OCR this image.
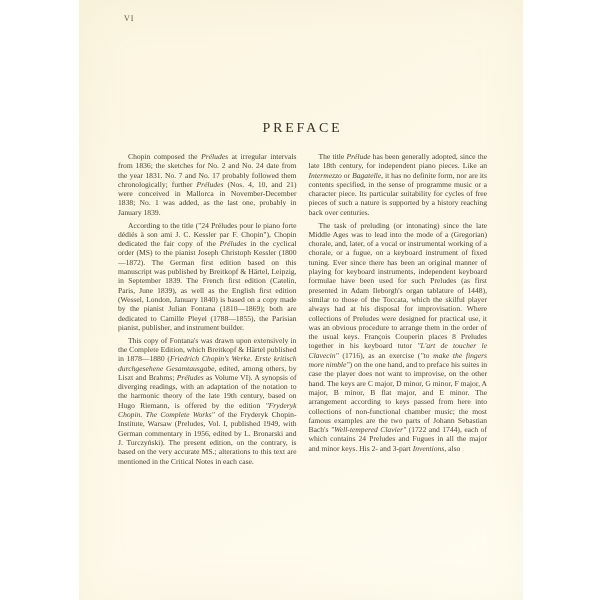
VI
PREFACE

Chopin composed the Préludes at irregular intervals from 1836; the sketches for No. 2 and No. 24 date from the year 1831. No. 7 and No. 17 probably followed them chronologically; further Préludes (Nos. 4, 10, and 21) were conceived in Mallorca in November-December 1838; No. 1 was added, as the last one, probably in January 1839.

According to the title ("24 Préludes pour le piano forte dédiés à son ami J. C. Kessler par F. Chopin"), Chopin dedicated the fair copy of the Préludes in the cyclical order (MS) to the pianist Joseph Christoph Kessler (1800—1872). The German first edition based on this manuscript was published by Breitkopf & Härtel, Leipzig, in September 1839. The French first edition (Catelin, Paris, June 1839), as well as the English first edition (Wessel, London, January 1840) is based on a copy made by the pianist Julian Fontana (1810—1869); both are dedicated to Camille Pleyel (1788—1855), the Parisian pianist, publisher, and instrument builder.

This copy of Fontana's was drawn upon extensively in the Complete Edition, which Breitkopf & Härtel published in 1878—1880 (Friedrich Chopin's Werke. Erste kritisch durchgesehene Gesamtausgabe, edited, among others, by Liszt and Brahms; Préludes as Volume VI). A synopsis of diverging readings, with an adaptation of the notation to the harmonic theory of the late 19th century, based on Hugo Riemann, is offered by the edition "Fryderyk Chopin. The Complete Works" of the Fryderyk Chopin-Institute, Warsaw (Preludes, Vol. I, published 1949, with German commentary in 1956, edited by L. Bronarski and J. Turczyński). The present edition, on the contrary, is based on the very accurate MS.; alterations to this text are mentioned in the Critical Notes in each case.

The title Prélude has been generally adopted, since the late 18th century, for independent piano pieces. Like an Intermezzo or Bagatelle, it has no definite form, nor are its contents specified, in the sense of programme music or a character piece. Its particular suitability for cycles of free pieces of such a nature is supported by a history reaching back over centuries.

The task of preluding (or intonating) since the late Middle Ages was to lead into the mode of a (Gregorian) chorale, and, later, of a vocal or instrumental working of a chorale, or a fugue, on a keyboard instrument of fixed tuning. Ever since there has been an original manner of playing for keyboard instruments, independent keyboard formulae have been used for such Preludes (as first presented in Adam Ileborgh's organ tablature of 1448), similar to those of the Toccata, which the skilful player always had at his disposal for improvisation. Where collections of Preludes were designed for practical use, it was an obvious procedure to arrange them in the order of the usual keys. François Couperin places 8 Preludes together in his keyboard tutor "L'art de toucher le Clavecin" (1716), as an exercise ("to make the fingers more nimble") on the one hand, and to preface his suites in case the player does not want to improvise, on the other hand. The keys are C major, D minor, G minor, F major, A major, B minor, B flat major, and E minor. The arrangement according to keys passed from here into collections of non-functional chamber music; the most famous examples are the two parts of Johann Sebastian Bach's "Well-tempered Clavier" (1722 and 1744), each of which contains 24 Preludes and Fugues in all the major and minor keys. His 2- and 3-part Inventions, also
